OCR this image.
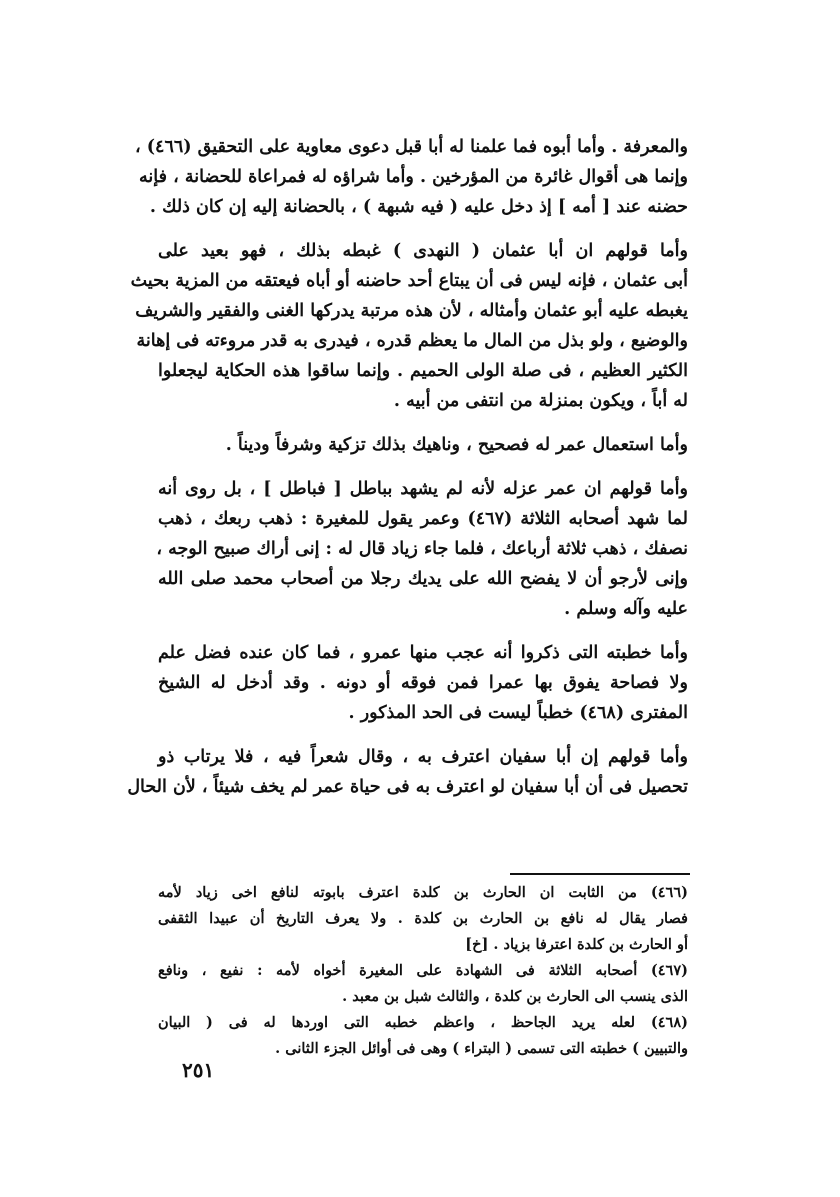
والمعرفة . وأما أبوه فما علمنا له أبا قبل دعوى معاوية على التحقيق (٤٦٦) ،
وإنما هى أقوال غائرة من المؤرخين . وأما شراؤه له فمراعاة للحضانة ، فإنه
حضنه عند [ أمه ] إذ دخل عليه ( فيه شبهة ) ، بالحضانة إليه إن كان ذلك .
وأما قولهم ان أبا عثمان ( النهدى ) غبطه بذلك ، فهو بعيد على
أبى عثمان ، فإنه ليس فى أن يبتاع أحد حاضنه أو أباه فيعتقه من المزية بحيث
يغبطه عليه أبو عثمان وأمثاله ، لأن هذه مرتبة يدركها الغنى والفقير والشريف
والوضيع ، ولو بذل من المال ما يعظم قدره ، فيدرى به قدر مروءته فى إهانة
الكثير العظيم ، فى صلة الولى الحميم . وإنما ساقوا هذه الحكاية ليجعلوا
له أباً ، ويكون بمنزلة من انتفى من أبيه .
وأما استعمال عمر له فصحيح ، وناهيك بذلك تزكية وشرفاً وديناً .
وأما قولهم ان عمر عزله لأنه لم يشهد بباطل [ فباطل ] ، بل روى أنه
لما شهد أصحابه الثلاثة (٤٦٧) وعمر يقول للمغيرة : ذهب ربعك ، ذهب
نصفك ، ذهب ثلاثة أرباعك ، فلما جاء زياد قال له : إنى أراك صبيح الوجه ،
وإنى لأرجو أن لا يفضح الله على يديك رجلا من أصحاب محمد صلى الله
عليه وآله وسلم .
وأما خطبته التى ذكروا أنه عجب منها عمرو ، فما كان عنده فضل علم
ولا فصاحة يفوق بها عمرا فمن فوقه أو دونه . وقد أدخل له الشيخ
المفترى (٤٦٨) خطباً ليست فى الحد المذكور .
وأما قولهم إن أبا سفيان اعترف به ، وقال شعراً فيه ، فلا يرتاب ذو
تحصيل فى أن أبا سفيان لو اعترف به فى حياة عمر لم يخف شيئاً ، لأن الحال
(٤٦٦) من الثابت ان الحارث بن كلدة اعترف بابوته لنافع اخى زياد لأمه
فصار يقال له نافع بن الحارث بن كلدة . ولا يعرف التاريخ أن عبيدا الثقفى
أو الحارث بن كلدة اعترفا بزياد . [خ]
(٤٦٧) أصحابه الثلاثة فى الشهادة على المغيرة أخواه لأمه : نفيع ، ونافع
الذى ينسب الى الحارث بن كلدة ، والثالث شبل بن معبد .
(٤٦٨) لعله يريد الجاحظ ، واعظم خطبه التى اوردها له فى ( البيان
والتبيين ) خطبته التى تسمى ( البتراء ) وهى فى أوائل الجزء الثانى .
٢٥١
